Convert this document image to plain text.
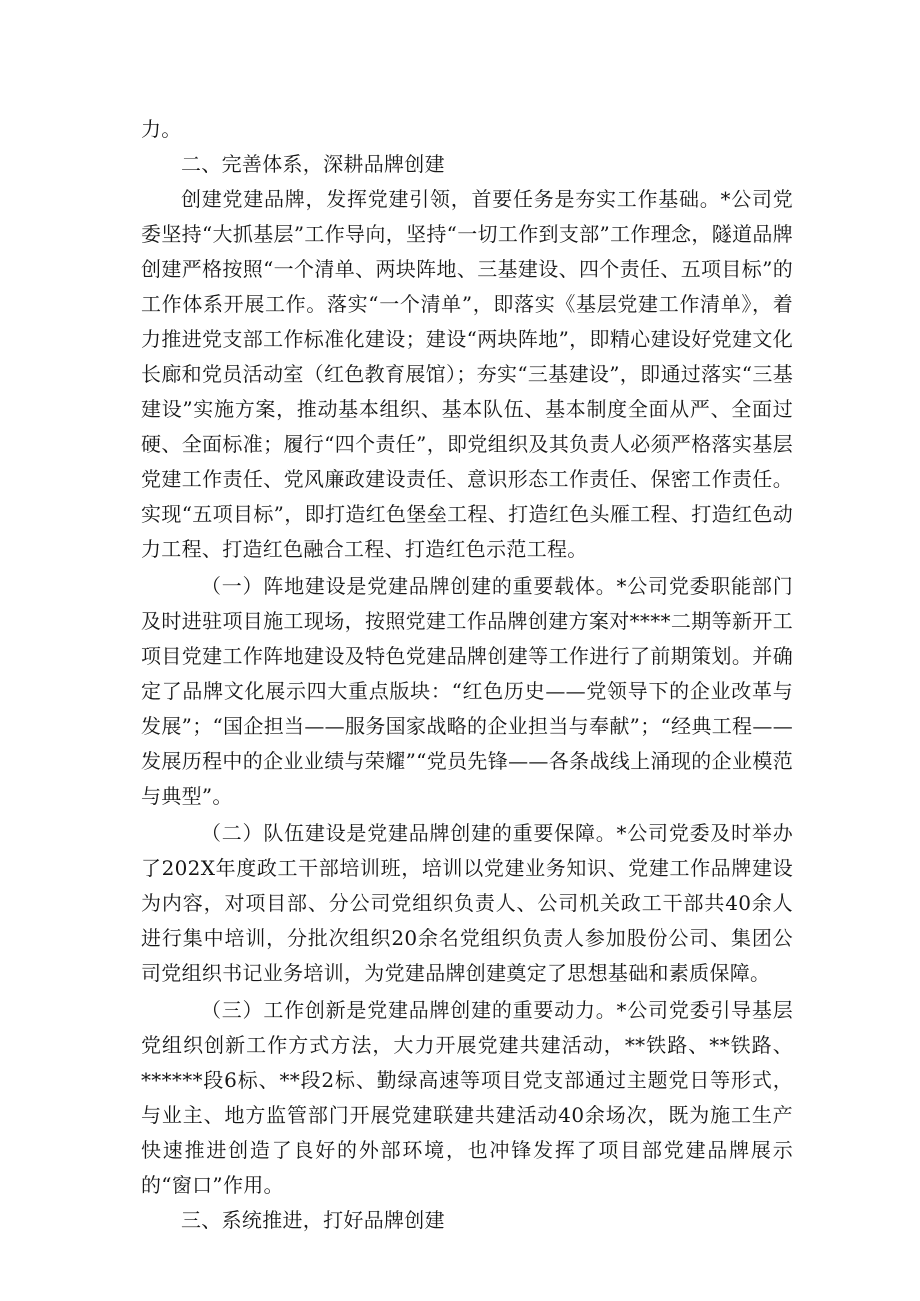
力。

二、完善体系，深耕品牌创建

创建党建品牌，发挥党建引领，首要任务是夯实工作基础。*公司党委坚持“大抓基层”工作导向，坚持“一切工作到支部”工作理念，隧道品牌创建严格按照“一个清单、两块阵地、三基建设、四个责任、五项目标”的工作体系开展工作。落实“一个清单”，即落实《基层党建工作清单》，着力推进党支部工作标准化建设；建设“两块阵地”，即精心建设好党建文化长廊和党员活动室（红色教育展馆）；夯实“三基建设”，即通过落实“三基建设”实施方案，推动基本组织、基本队伍、基本制度全面从严、全面过硬、全面标准；履行“四个责任”，即党组织及其负责人必须严格落实基层党建工作责任、党风廉政建设责任、意识形态工作责任、保密工作责任。实现“五项目标”，即打造红色堡垒工程、打造红色头雁工程、打造红色动力工程、打造红色融合工程、打造红色示范工程。

（一）阵地建设是党建品牌创建的重要载体。*公司党委职能部门及时进驻项目施工现场，按照党建工作品牌创建方案对****二期等新开工项目党建工作阵地建设及特色党建品牌创建等工作进行了前期策划。并确定了品牌文化展示四大重点版块：“红色历史——党领导下的企业改革与发展”；“国企担当——服务国家战略的企业担当与奉献”；“经典工程——发展历程中的企业业绩与荣耀”“党员先锋——各条战线上涌现的企业模范与典型”。

（二）队伍建设是党建品牌创建的重要保障。*公司党委及时举办了202X年度政工干部培训班，培训以党建业务知识、党建工作品牌建设为内容，对项目部、分公司党组织负责人、公司机关政工干部共40余人进行集中培训，分批次组织20余名党组织负责人参加股份公司、集团公司党组织书记业务培训，为党建品牌创建奠定了思想基础和素质保障。

（三）工作创新是党建品牌创建的重要动力。*公司党委引导基层党组织创新工作方式方法，大力开展党建共建活动，**铁路、**铁路、******段6标、**段2标、勤绿高速等项目党支部通过主题党日等形式，与业主、地方监管部门开展党建联建共建活动40余场次，既为施工生产快速推进创造了良好的外部环境，也冲锋发挥了项目部党建品牌展示的“窗口”作用。

三、系统推进，打好品牌创建
